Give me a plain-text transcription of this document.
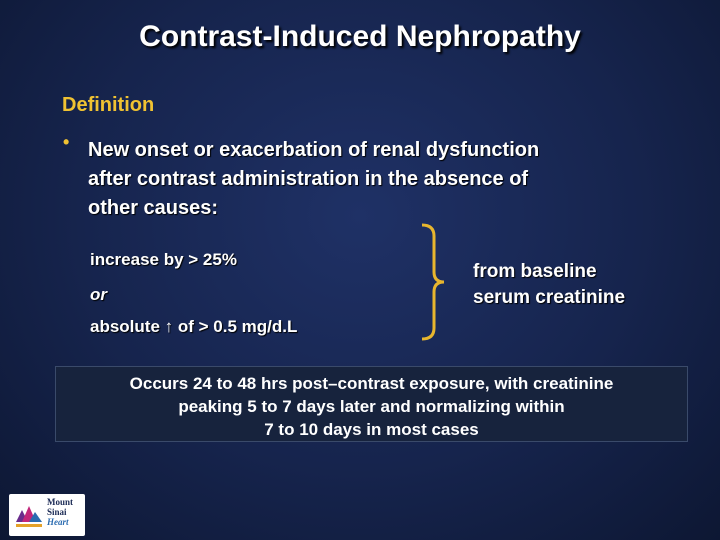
Contrast-Induced Nephropathy
Definition
• New onset or exacerbation of renal dysfunction
after contrast administration in the absence of
other causes:
increase by > 25%
or
absolute ↑ of > 0.5 mg/d.L
from baseline
serum creatinine
Occurs 24 to 48 hrs post–contrast exposure, with creatinine
peaking 5 to 7 days later and normalizing within
7 to 10 days in most cases
Mount
Sinai
Heart
